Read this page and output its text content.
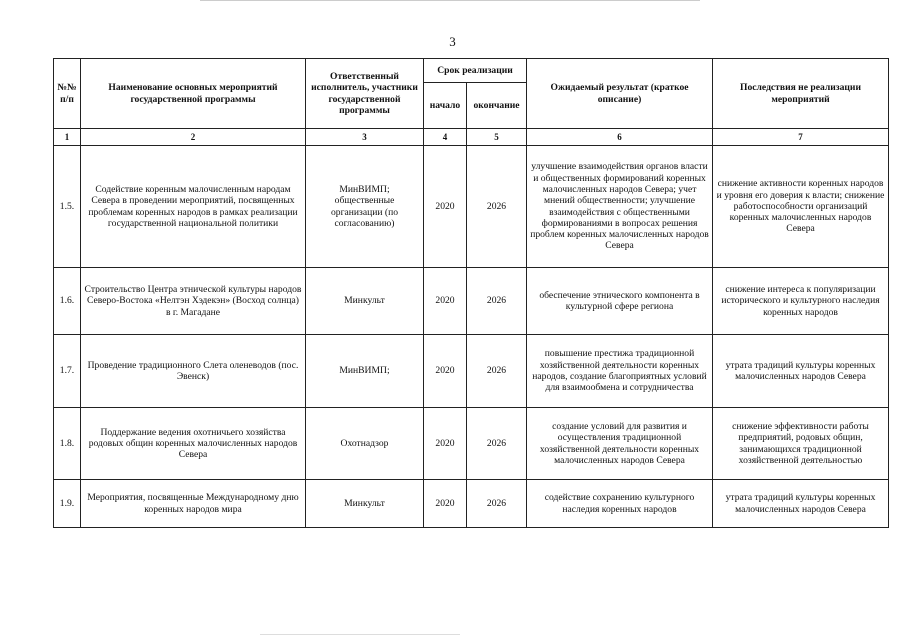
3
№№ п/п	Наименование основных мероприятий государственной программы	Ответственный исполнитель, участники государственной программы	Срок реализации		Ожидаемый результат (краткое описание)	Последствия не реализации мероприятий
			начало	окончание		
1	2	3	4	5	6	7
1.5.	Содействие коренным малочисленным народам Севера в проведении мероприятий, посвященных проблемам коренных народов в рамках реализации государственной национальной политики	МинВИМП; общественные организации (по согласованию)	2020	2026	улучшение взаимодействия органов власти и общественных формирований коренных малочисленных народов Севера; учет мнений общественности; улучшение взаимодействия с общественными формированиями в вопросах решения проблем коренных малочисленных народов Севера	снижение активности коренных народов и уровня его доверия к власти; снижение работоспособности организаций коренных малочисленных народов Севера
1.6.	Строительство Центра этнической культуры народов Северо-Востока «Нелтэн Хэдекэн» (Восход солнца) в г. Магадане	Минкульт	2020	2026	обеспечение этнического компонента в культурной сфере региона	снижение интереса к популяризации исторического и культурного наследия коренных народов
1.7.	Проведение традиционного Слета оленеводов (пос. Эвенск)	МинВИМП;	2020	2026	повышение престижа традиционной хозяйственной деятельности коренных народов, создание благоприятных условий для взаимообмена и сотрудничества	утрата традиций культуры коренных малочисленных народов Севера
1.8.	Поддержание ведения охотничьего хозяйства родовых общин коренных малочисленных народов Севера	Охотнадзор	2020	2026	создание условий для развития и осуществления традиционной хозяйственной деятельности коренных малочисленных народов Севера	снижение эффективности работы предприятий, родовых общин, занимающихся традиционной хозяйственной деятельностью
1.9.	Мероприятия, посвященные Международному дню коренных народов мира	Минкульт	2020	2026	содействие сохранению культурного наследия коренных народов	утрата традиций культуры коренных малочисленных народов Севера
